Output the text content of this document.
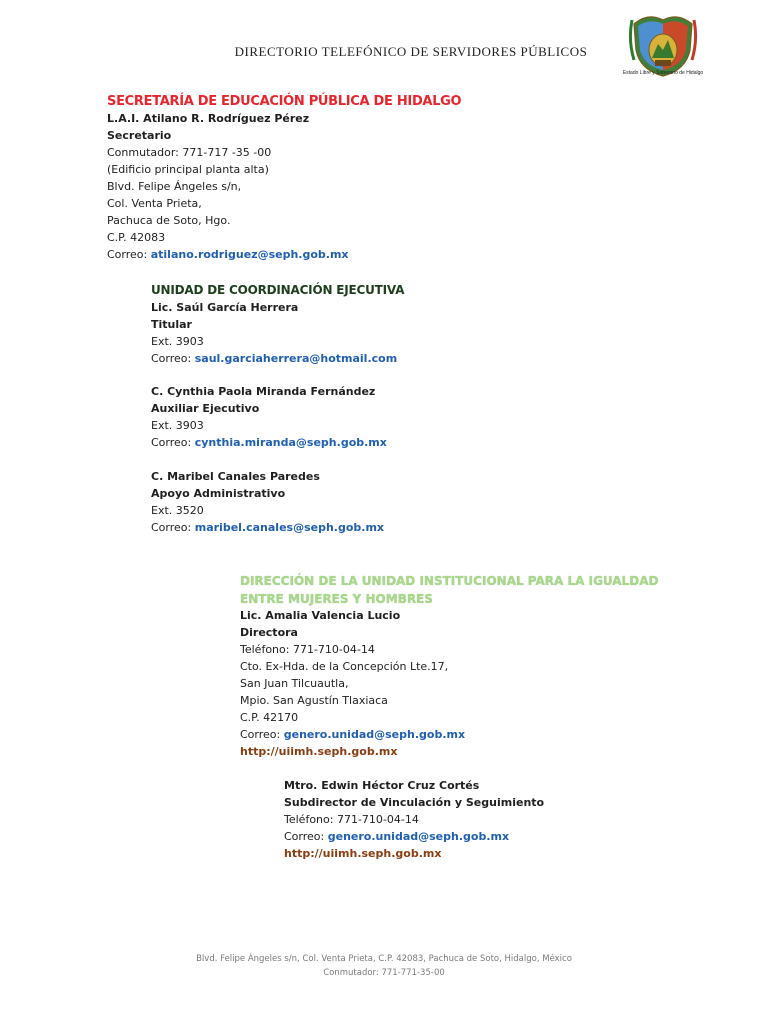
DIRECTORIO TELEFÓNICO DE SERVIDORES PÚBLICOS
Estado Libre y Soberano de Hidalgo
SECRETARÍA DE EDUCACIÓN PÚBLICA DE HIDALGO
L.A.I. Atilano R. Rodríguez Pérez
Secretario
Conmutador: 771-717 -35 -00
(Edificio principal planta alta)
Blvd. Felipe Ángeles s/n,
Col. Venta Prieta,
Pachuca de Soto, Hgo.
C.P. 42083
Correo: atilano.rodriguez@seph.gob.mx
UNIDAD DE COORDINACIÓN EJECUTIVA
Lic. Saúl García Herrera
Titular
Ext. 3903
Correo: saul.garciaherrera@hotmail.com
C. Cynthia Paola Miranda Fernández
Auxiliar Ejecutivo
Ext. 3903
Correo: cynthia.miranda@seph.gob.mx
C. Maribel Canales Paredes
Apoyo Administrativo
Ext. 3520
Correo: maribel.canales@seph.gob.mx
DIRECCIÓN DE LA UNIDAD INSTITUCIONAL PARA LA IGUALDAD
ENTRE MUJERES Y HOMBRES
Lic. Amalia Valencia Lucio
Directora
Teléfono: 771-710-04-14
Cto. Ex-Hda. de la Concepción Lte.17,
San Juan Tilcuautla,
Mpio. San Agustín Tlaxiaca
C.P. 42170
Correo: genero.unidad@seph.gob.mx
http://uiimh.seph.gob.mx
Mtro. Edwin Héctor Cruz Cortés
Subdirector de Vinculación y Seguimiento
Teléfono: 771-710-04-14
Correo: genero.unidad@seph.gob.mx
http://uiimh.seph.gob.mx
Blvd. Felipe Ángeles s/n, Col. Venta Prieta, C.P. 42083, Pachuca de Soto, Hidalgo, México
Conmutador: 771-771-35-00
